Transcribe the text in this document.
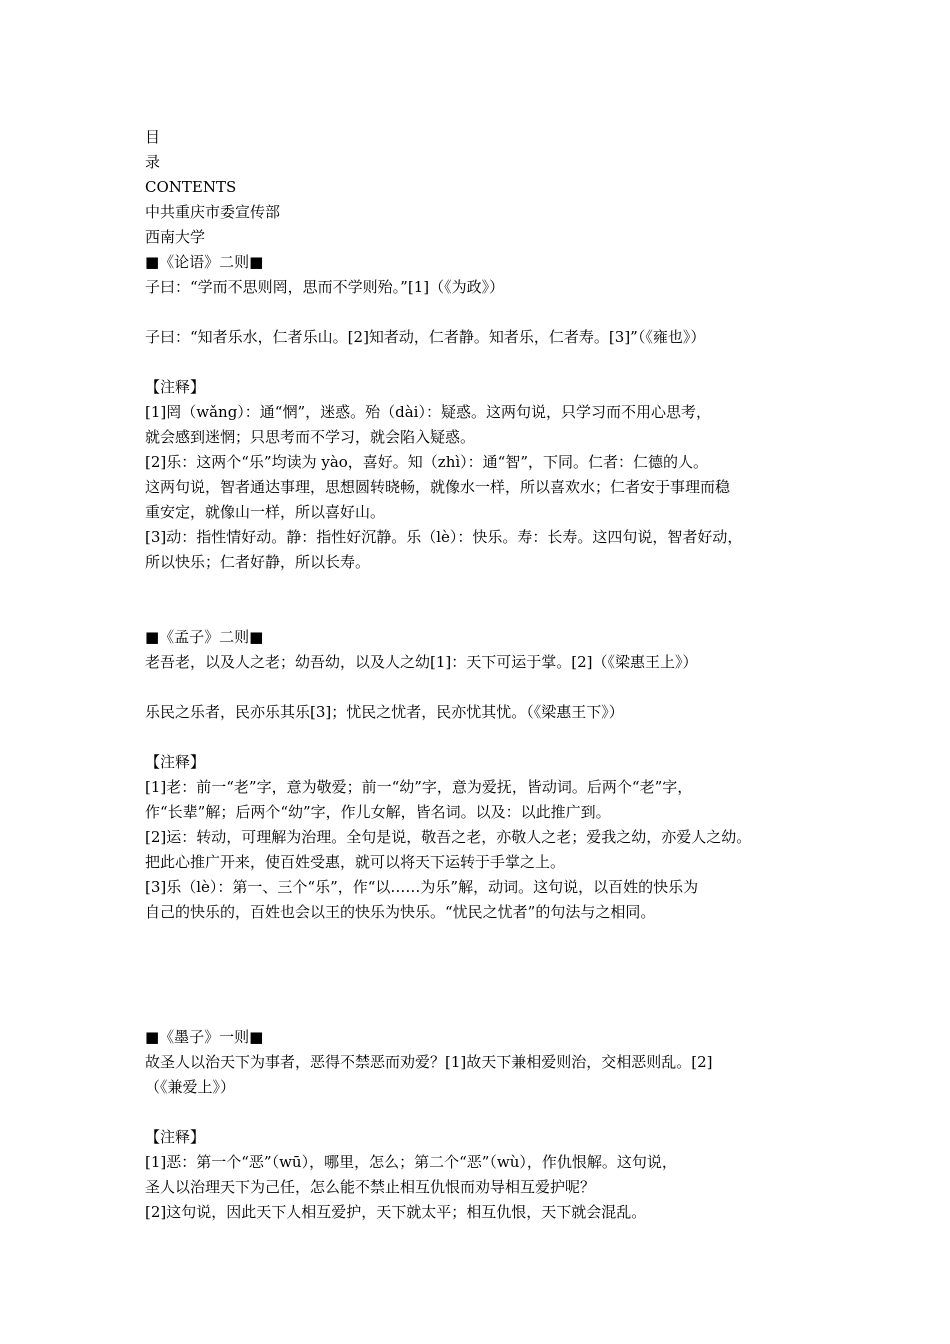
目
录
CONTENTS
中共重庆市委宣传部
西南大学
■《论语》二则■
子曰：“学而不思则罔，思而不学则殆。”[1]（《为政》）
子曰：“知者乐水，仁者乐山。[2]知者动，仁者静。知者乐，仁者寿。[3]”（《雍也》）
【注释】
[1]罔（wǎng）：通“惘”，迷惑。殆（dài）：疑惑。这两句说，只学习而不用心思考，
就会感到迷惘；只思考而不学习，就会陷入疑惑。
[2]乐：这两个“乐”均读为 yào，喜好。知（zhì）：通“智”，下同。仁者：仁德的人。
这两句说，智者通达事理，思想圆转晓畅，就像水一样，所以喜欢水；仁者安于事理而稳
重安定，就像山一样，所以喜好山。
[3]动：指性情好动。静：指性好沉静。乐（lè）：快乐。寿：长寿。这四句说，智者好动，
所以快乐；仁者好静，所以长寿。
■《孟子》二则■
老吾老，以及人之老；幼吾幼，以及人之幼[1]：天下可运于掌。[2]（《梁惠王上》）
乐民之乐者，民亦乐其乐[3]；忧民之忧者，民亦忧其忧。（《梁惠王下》）
【注释】
[1]老：前一“老”字，意为敬爱；前一“幼”字，意为爱抚，皆动词。后两个“老”字，
作“长辈”解；后两个“幼”字，作儿女解，皆名词。以及：以此推广到。
[2]运：转动，可理解为治理。全句是说，敬吾之老，亦敬人之老；爱我之幼，亦爱人之幼。
把此心推广开来，使百姓受惠，就可以将天下运转于手掌之上。
[3]乐（lè）：第一、三个“乐”，作“以……为乐”解，动词。这句说，以百姓的快乐为
自己的快乐的，百姓也会以王的快乐为快乐。“忧民之忧者”的句法与之相同。
■《墨子》一则■
故圣人以治天下为事者，恶得不禁恶而劝爱？[1]故天下兼相爱则治，交相恶则乱。[2]
（《兼爱上》）
【注释】
[1]恶：第一个“恶”（wū），哪里，怎么；第二个“恶”（wù），作仇恨解。这句说，
圣人以治理天下为己任，怎么能不禁止相互仇恨而劝导相互爱护呢？
[2]这句说，因此天下人相互爱护，天下就太平；相互仇恨，天下就会混乱。
